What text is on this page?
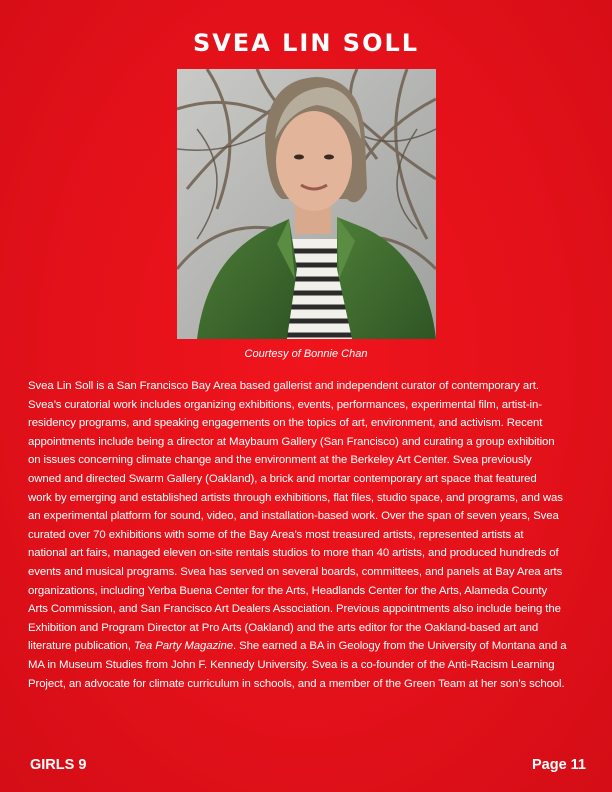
SVEA LIN SOLL
Courtesy of Bonnie Chan
Svea Lin Soll is a San Francisco Bay Area based gallerist and independent curator of contemporary art.
Svea’s curatorial work includes organizing exhibitions, events, performances, experimental film, artist-in-
residency programs, and speaking engagements on the topics of art, environment, and activism. Recent
appointments include being a director at Maybaum Gallery (San Francisco) and curating a group exhibition
on issues concerning climate change and the environment at the Berkeley Art Center. Svea previously
owned and directed Swarm Gallery (Oakland), a brick and mortar contemporary art space that featured
work by emerging and established artists through exhibitions, flat files, studio space, and programs, and was
an experimental platform for sound, video, and installation-based work. Over the span of seven years, Svea
curated over 70 exhibitions with some of the Bay Area’s most treasured artists, represented artists at
national art fairs, managed eleven on-site rentals studios to more than 40 artists, and produced hundreds of
events and musical programs. Svea has served on several boards, committees, and panels at Bay Area arts
organizations, including Yerba Buena Center for the Arts, Headlands Center for the Arts, Alameda County
Arts Commission, and San Francisco Art Dealers Association. Previous appointments also include being the
Exhibition and Program Director at Pro Arts (Oakland) and the arts editor for the Oakland-based art and
literature publication, Tea Party Magazine. She earned a BA in Geology from the University of Montana and a
MA in Museum Studies from John F. Kennedy University. Svea is a co-founder of the Anti-Racism Learning
Project, an advocate for climate curriculum in schools, and a member of the Green Team at her son’s school.
GIRLS 9	Page 11
